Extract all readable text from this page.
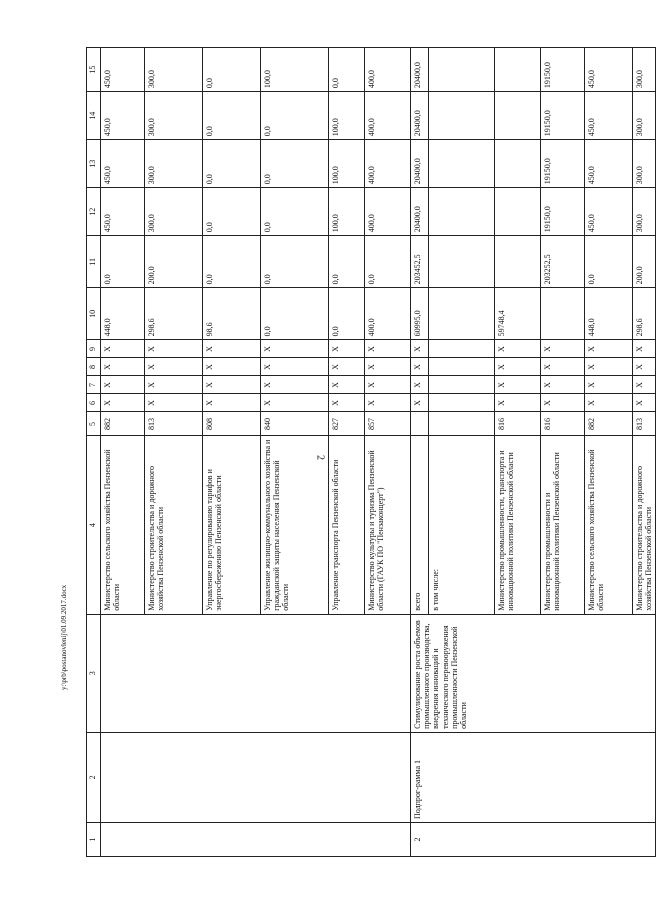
2
y:\prb\postanovlenij\01.09.2017.docx
1	2	3	4	5	6	7	8	9	10	11	12	13	14	15
			Министерство сельского хозяйства Пензенской области	882	Х	Х	Х	Х	448,0	0,0	450,0	450,0	450,0	450,0
			Министерство строительства и дорожного хозяйства Пензенской области	813	Х	Х	Х	Х	298,6	200,0	300,0	300,0	300,0	300,0
			Управление по регулированию тарифов и энергосбережению Пензенской области	808	Х	Х	Х	Х	98,6	0,0	0,0	0,0	0,0	0,0
			Управление жилищно-коммунального хозяйства и гражданской защиты населения Пензенской области	840	Х	Х	Х	Х	0,0	0,0	0,0	0,0	0,0	100,0
			Управление транспорта Пензенской области	827	Х	Х	Х	Х	0,0	0,0	100,0	100,0	100,0	0,0
			Министерство культуры и туризма Пензенской области (ГАУК ПО "Пензаконцерт")	857	Х	Х	Х	Х	400,0	0,0	400,0	400,0	400,0	400,0
2	Подпрог-рамма 1	Стимулирование роста объемов промышленного производства, внедрения инноваций и технического перевооружения промышленности Пензенской области	всего		Х	Х	Х	Х	60995,0	203452,5	20400,0	20400,0	20400,0	20400,0
			в том числе:											
			Министерство промышленности, транспорта и инновационной политики Пензенской области	816	Х	Х	Х	Х	59748,4					
			Министерство промышленности и инновационной политики Пензенской области	816	Х	Х	Х	Х		203252,5	19150,0	19150,0	19150,0	19150,0
			Министерство сельского хозяйства Пензенской области	882	Х	Х	Х	Х	448,0	0,0	450,0	450,0	450,0	450,0
			Министерство строительства и дорожного хозяйства Пензенской области	813	Х	Х	Х	Х	298,6	200,0	300,0	300,0	300,0	300,0
